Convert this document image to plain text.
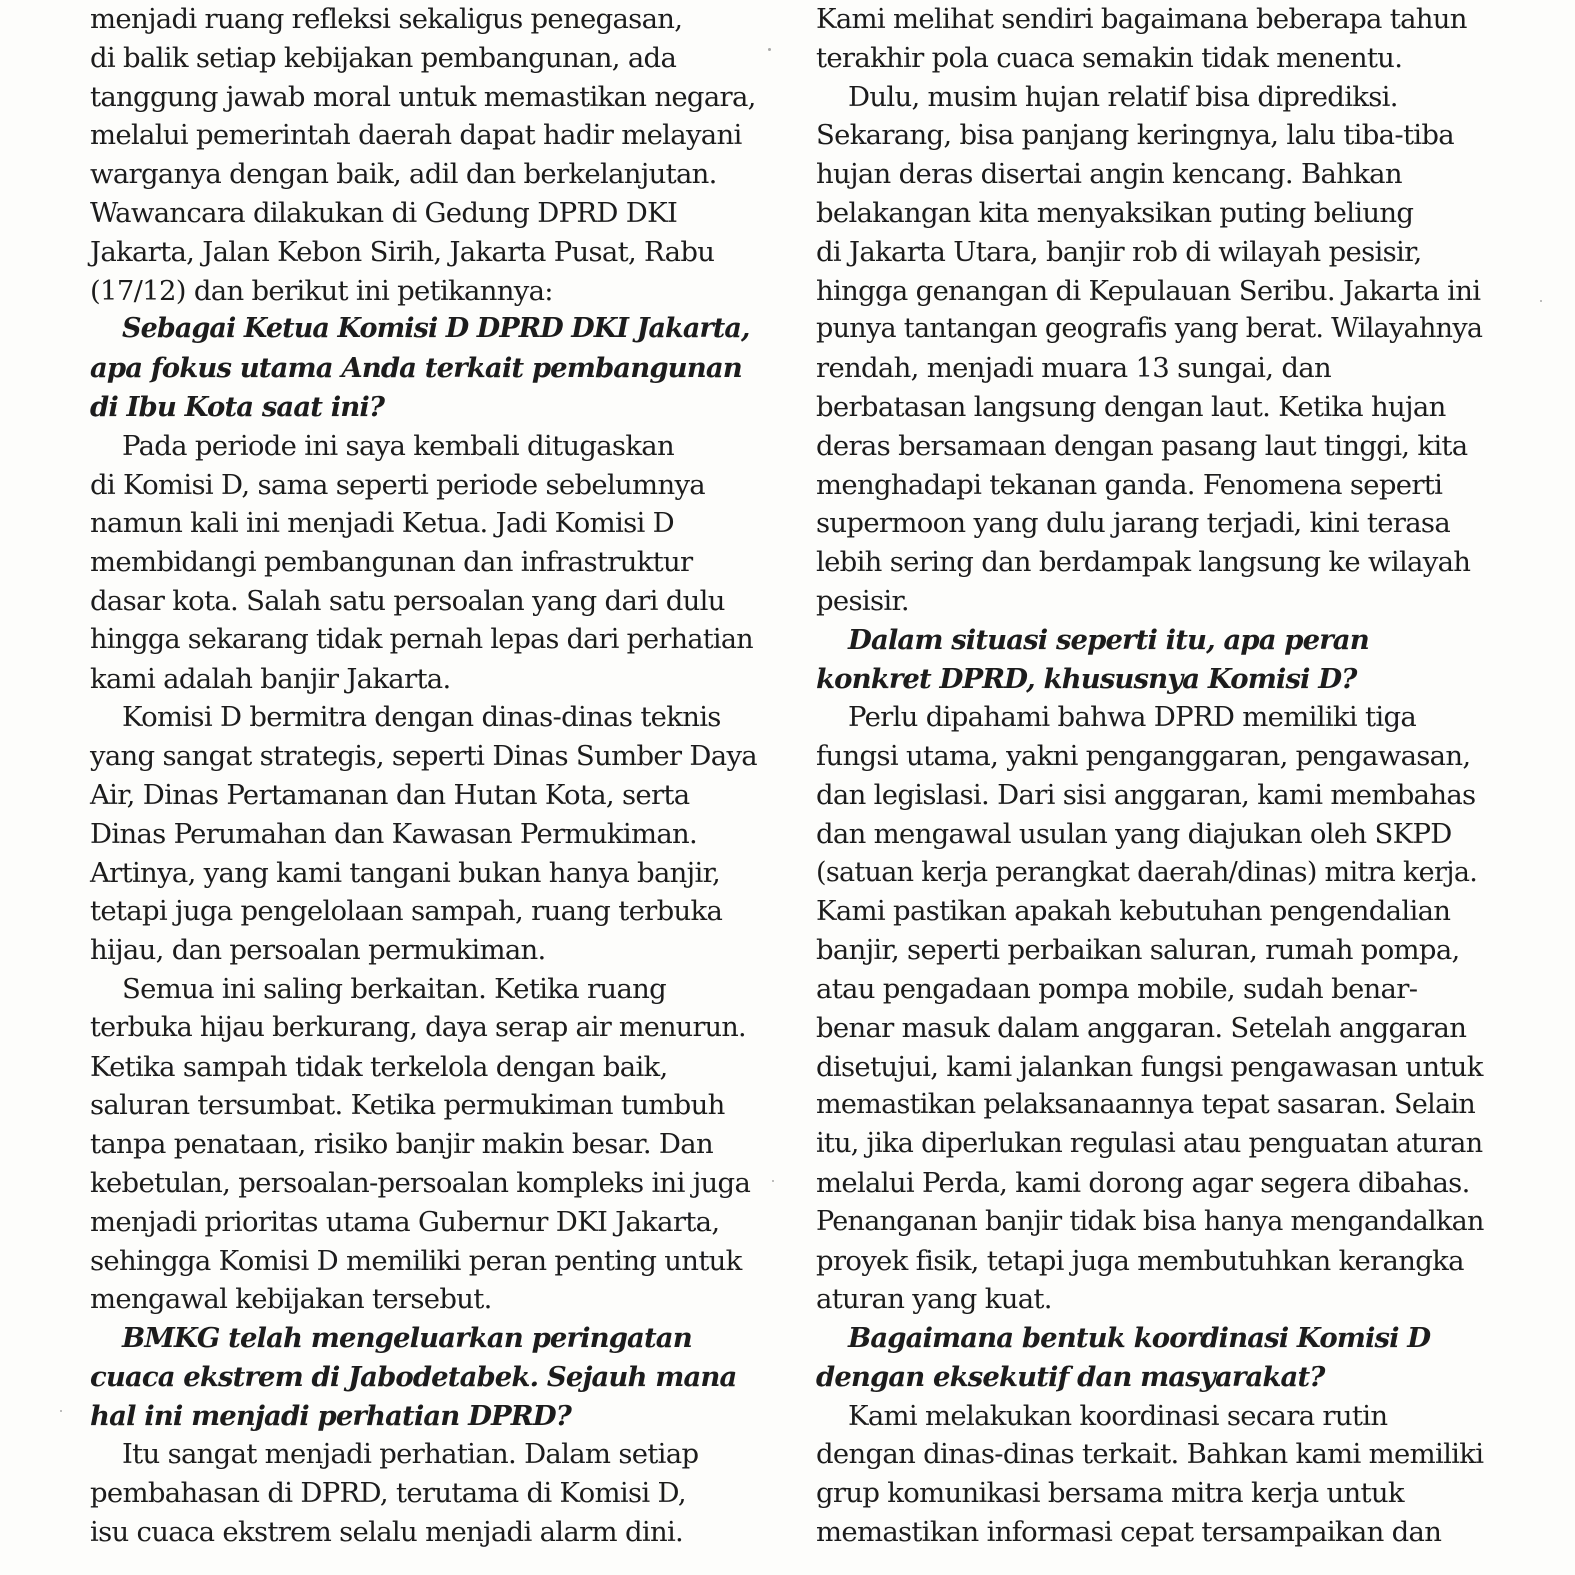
menjadi ruang refleksi sekaligus penegasan,
di balik setiap kebijakan pembangunan, ada
tanggung jawab moral untuk memastikan negara,
melalui pemerintah daerah dapat hadir melayani
warganya dengan baik, adil dan berkelanjutan.
Wawancara dilakukan di Gedung DPRD DKI
Jakarta, Jalan Kebon Sirih, Jakarta Pusat, Rabu
(17/12) dan berikut ini petikannya:
Sebagai Ketua Komisi D DPRD DKI Jakarta,
apa fokus utama Anda terkait pembangunan
di Ibu Kota saat ini?
Pada periode ini saya kembali ditugaskan
di Komisi D, sama seperti periode sebelumnya
namun kali ini menjadi Ketua. Jadi Komisi D
membidangi pembangunan dan infrastruktur
dasar kota. Salah satu persoalan yang dari dulu
hingga sekarang tidak pernah lepas dari perhatian
kami adalah banjir Jakarta.
Komisi D bermitra dengan dinas-dinas teknis
yang sangat strategis, seperti Dinas Sumber Daya
Air, Dinas Pertamanan dan Hutan Kota, serta
Dinas Perumahan dan Kawasan Permukiman.
Artinya, yang kami tangani bukan hanya banjir,
tetapi juga pengelolaan sampah, ruang terbuka
hijau, dan persoalan permukiman.
Semua ini saling berkaitan. Ketika ruang
terbuka hijau berkurang, daya serap air menurun.
Ketika sampah tidak terkelola dengan baik,
saluran tersumbat. Ketika permukiman tumbuh
tanpa penataan, risiko banjir makin besar. Dan
kebetulan, persoalan-persoalan kompleks ini juga
menjadi prioritas utama Gubernur DKI Jakarta,
sehingga Komisi D memiliki peran penting untuk
mengawal kebijakan tersebut.
BMKG telah mengeluarkan peringatan
cuaca ekstrem di Jabodetabek. Sejauh mana
hal ini menjadi perhatian DPRD?
Itu sangat menjadi perhatian. Dalam setiap
pembahasan di DPRD, terutama di Komisi D,
isu cuaca ekstrem selalu menjadi alarm dini.
Kami melihat sendiri bagaimana beberapa tahun
terakhir pola cuaca semakin tidak menentu.
Dulu, musim hujan relatif bisa diprediksi.
Sekarang, bisa panjang keringnya, lalu tiba-tiba
hujan deras disertai angin kencang. Bahkan
belakangan kita menyaksikan puting beliung
di Jakarta Utara, banjir rob di wilayah pesisir,
hingga genangan di Kepulauan Seribu. Jakarta ini
punya tantangan geografis yang berat. Wilayahnya
rendah, menjadi muara 13 sungai, dan
berbatasan langsung dengan laut. Ketika hujan
deras bersamaan dengan pasang laut tinggi, kita
menghadapi tekanan ganda. Fenomena seperti
supermoon yang dulu jarang terjadi, kini terasa
lebih sering dan berdampak langsung ke wilayah
pesisir.
Dalam situasi seperti itu, apa peran
konkret DPRD, khususnya Komisi D?
Perlu dipahami bahwa DPRD memiliki tiga
fungsi utama, yakni penganggaran, pengawasan,
dan legislasi. Dari sisi anggaran, kami membahas
dan mengawal usulan yang diajukan oleh SKPD
(satuan kerja perangkat daerah/dinas) mitra kerja.
Kami pastikan apakah kebutuhan pengendalian
banjir, seperti perbaikan saluran, rumah pompa,
atau pengadaan pompa mobile, sudah benar-
benar masuk dalam anggaran. Setelah anggaran
disetujui, kami jalankan fungsi pengawasan untuk
memastikan pelaksanaannya tepat sasaran. Selain
itu, jika diperlukan regulasi atau penguatan aturan
melalui Perda, kami dorong agar segera dibahas.
Penanganan banjir tidak bisa hanya mengandalkan
proyek fisik, tetapi juga membutuhkan kerangka
aturan yang kuat.
Bagaimana bentuk koordinasi Komisi D
dengan eksekutif dan masyarakat?
Kami melakukan koordinasi secara rutin
dengan dinas-dinas terkait. Bahkan kami memiliki
grup komunikasi bersama mitra kerja untuk
memastikan informasi cepat tersampaikan dan
